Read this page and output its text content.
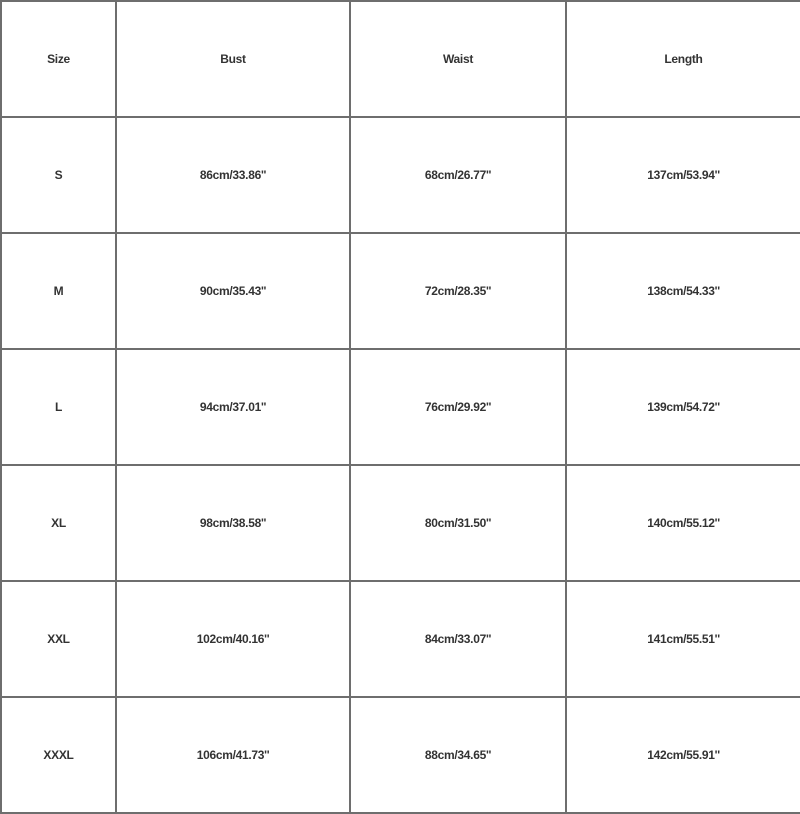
Size	Bust	Waist	Length
S	86cm/33.86''	68cm/26.77''	137cm/53.94''
M	90cm/35.43''	72cm/28.35''	138cm/54.33''
L	94cm/37.01''	76cm/29.92''	139cm/54.72''
XL	98cm/38.58''	80cm/31.50''	140cm/55.12''
XXL	102cm/40.16''	84cm/33.07''	141cm/55.51''
XXXL	106cm/41.73''	88cm/34.65''	142cm/55.91''
